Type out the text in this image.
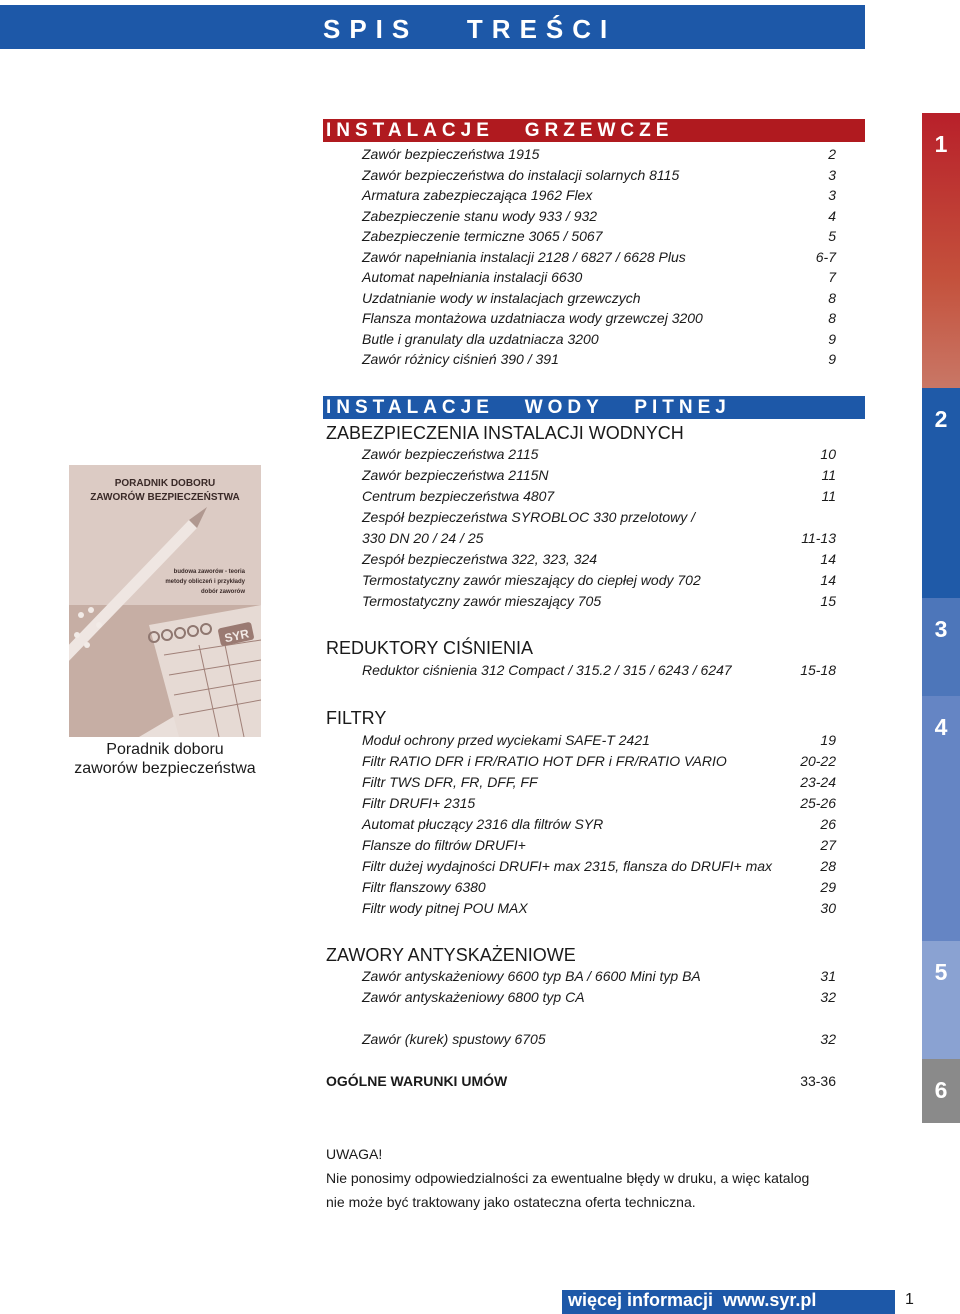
SPIS   TREŚCI
INSTALACJE   GRZEWCZE
Zawór bezpieczeństwa 1915	2
Zawór bezpieczeństwa do instalacji solarnych 8115	3
Armatura zabezpieczająca 1962 Flex	3
Zabezpieczenie stanu wody 933 / 932	4
Zabezpieczenie termiczne 3065 / 5067	5
Zawór napełniania instalacji 2128 / 6827 / 6628 Plus	6-7
Automat napełniania instalacji 6630	7
Uzdatnianie wody w instalacjach grzewczych	8
Flansza montażowa uzdatniacza wody grzewczej 3200	8
Butle i granulaty dla uzdatniacza 3200	9
Zawór różnicy ciśnień 390 / 391	9
INSTALACJE   WODY   PITNEJ
ZABEZPIECZENIA INSTALACJI WODNYCH
Zawór bezpieczeństwa 2115	10
Zawór bezpieczeństwa 2115N	11
Centrum bezpieczeństwa 4807	11
Zespół bezpieczeństwa SYROBLOC 330 przelotowy /
330 DN 20 / 24 / 25	11-13
Zespół bezpieczeństwa 322, 323, 324	14
Termostatyczny zawór mieszający do ciepłej wody 702	14
Termostatyczny zawór mieszający 705	15
REDUKTORY CIŚNIENIA
Reduktor ciśnienia 312 Compact / 315.2 / 315 / 6243 / 6247	15-18
FILTRY
Moduł ochrony przed wyciekami SAFE-T 2421	19
Filtr RATIO DFR i FR/RATIO HOT DFR i FR/RATIO VARIO	20-22
Filtr TWS DFR, FR, DFF, FF	23-24
Filtr DRUFI+ 2315	25-26
Automat płuczący 2316 dla filtrów SYR	26
Flansze do filtrów DRUFI+	27
Filtr dużej wydajności DRUFI+ max 2315, flansza do DRUFI+ max	28
Filtr flanszowy 6380	29
Filtr wody pitnej POU MAX	30
ZAWORY ANTYSKAŻENIOWE
Zawór antyskażeniowy 6600 typ BA / 6600 Mini typ BA	31
Zawór antyskażeniowy 6800 typ CA	32
Zawór (kurek) spustowy 6705	32
OGÓLNE WARUNKI UMÓW	33-36
1
2
3
4
5
6
SYR
PORADNIK DOBORU
ZAWORÓW BEZPIECZEŃSTWA
budowa zaworów - teoria
metody obliczeń i przykłady
dobór zaworów
Poradnik doboru
zaworów bezpieczeństwa
UWAGA!
Nie ponosimy odpowiedzialności za ewentualne błędy w druku, a więc katalog
nie może być traktowany jako ostateczna oferta techniczna.
więcej informacji  www.syr.pl	1
